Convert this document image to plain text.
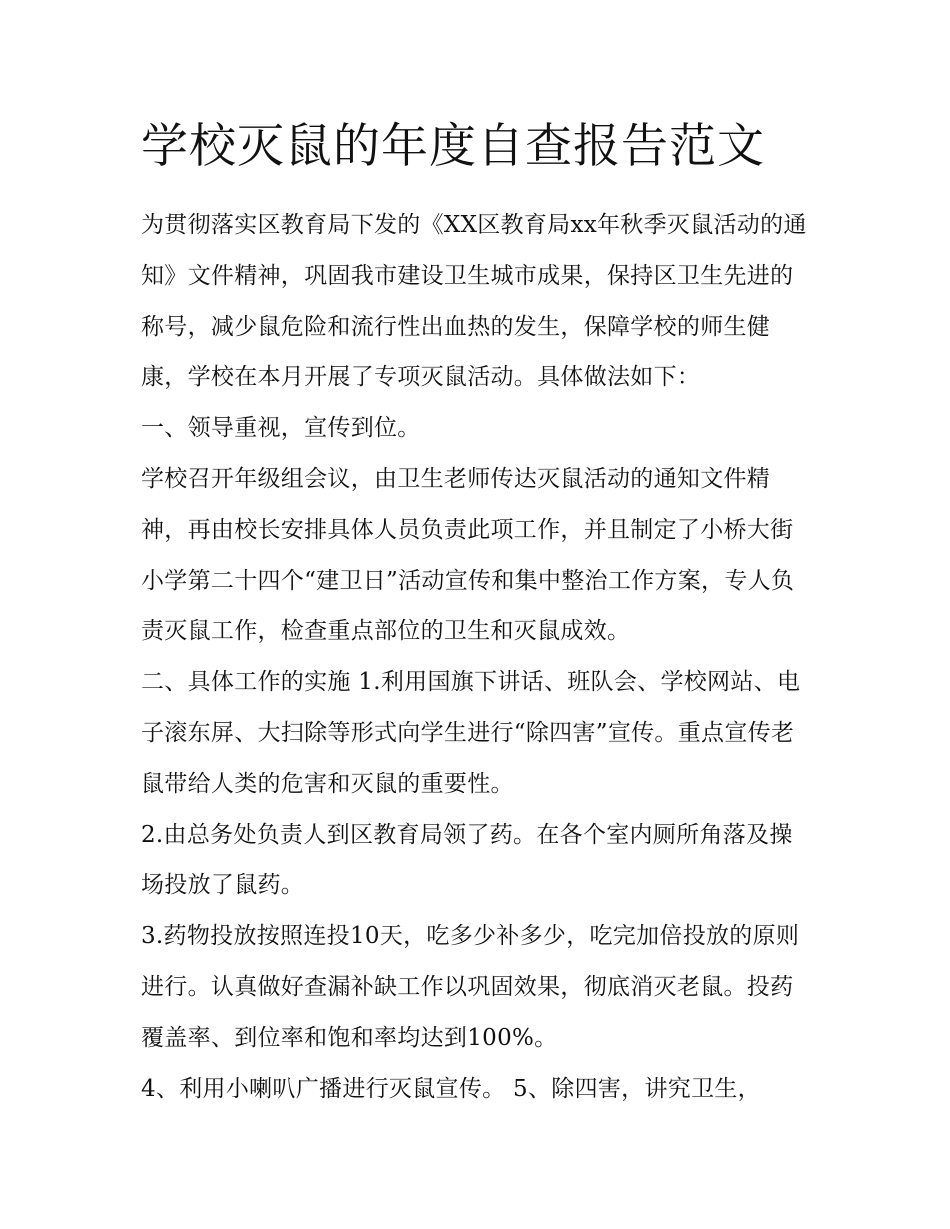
学校灭鼠的年度自查报告范文

为贯彻落实区教育局下发的《XX区教育局xx年秋季灭鼠活动的通知》文件精神，巩固我市建设卫生城市成果，保持区卫生先进的称号，减少鼠危险和流行性出血热的发生，保障学校的师生健康，学校在本月开展了专项灭鼠活动。具体做法如下：

一、领导重视，宣传到位。

学校召开年级组会议，由卫生老师传达灭鼠活动的通知文件精神，再由校长安排具体人员负责此项工作，并且制定了小桥大街小学第二十四个“建卫日”活动宣传和集中整治工作方案，专人负责灭鼠工作，检查重点部位的卫生和灭鼠成效。

二、具体工作的实施 1.利用国旗下讲话、班队会、学校网站、电子滚东屏、大扫除等形式向学生进行“除四害”宣传。重点宣传老鼠带给人类的危害和灭鼠的重要性。

2.由总务处负责人到区教育局领了药。在各个室内厕所角落及操场投放了鼠药。

3.药物投放按照连投10天，吃多少补多少，吃完加倍投放的原则进行。认真做好查漏补缺工作以巩固效果，彻底消灭老鼠。投药覆盖率、到位率和饱和率均达到100%。

4、利用小喇叭广播进行灭鼠宣传。 5、除四害，讲究卫生，
